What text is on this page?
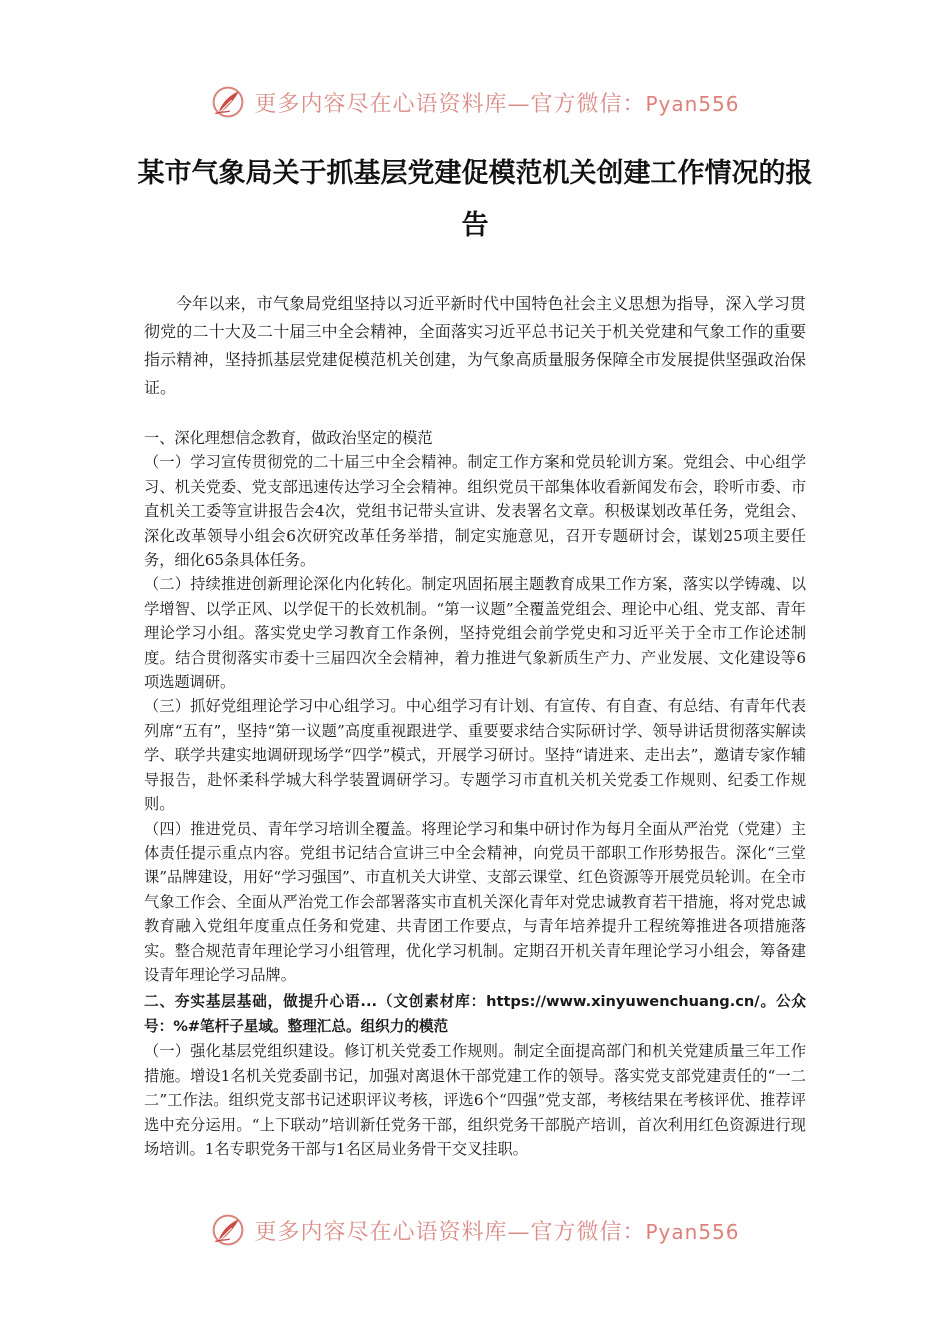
更多内容尽在心语资料库—官方微信：Pyan556
某市气象局关于抓基层党建促模范机关创建工作情况的报告

今年以来，市气象局党组坚持以习近平新时代中国特色社会主义思想为指导，深入学习贯彻党的二十大及二十届三中全会精神，全面落实习近平总书记关于机关党建和气象工作的重要指示精神，坚持抓基层党建促模范机关创建，为气象高质量服务保障全市发展提供坚强政治保证。

一、深化理想信念教育，做政治坚定的模范

（一）学习宣传贯彻党的二十届三中全会精神。制定工作方案和党员轮训方案。党组会、中心组学习、机关党委、党支部迅速传达学习全会精神。组织党员干部集体收看新闻发布会，聆听市委、市直机关工委等宣讲报告会4次，党组书记带头宣讲、发表署名文章。积极谋划改革任务，党组会、深化改革领导小组会6次研究改革任务举措，制定实施意见，召开专题研讨会，谋划25项主要任务，细化65条具体任务。

（二）持续推进创新理论深化内化转化。制定巩固拓展主题教育成果工作方案，落实以学铸魂、以学增智、以学正风、以学促干的长效机制。“第一议题”全覆盖党组会、理论中心组、党支部、青年理论学习小组。落实党史学习教育工作条例，坚持党组会前学党史和习近平关于全市工作论述制度。结合贯彻落实市委十三届四次全会精神，着力推进气象新质生产力、产业发展、文化建设等6项选题调研。

（三）抓好党组理论学习中心组学习。中心组学习有计划、有宣传、有自查、有总结、有青年代表列席“五有”，坚持“第一议题”高度重视跟进学、重要要求结合实际研讨学、领导讲话贯彻落实解读学、联学共建实地调研现场学“四学”模式，开展学习研讨。坚持“请进来、走出去”，邀请专家作辅导报告，赴怀柔科学城大科学装置调研学习。专题学习市直机关机关党委工作规则、纪委工作规则。

（四）推进党员、青年学习培训全覆盖。将理论学习和集中研讨作为每月全面从严治党（党建）主体责任提示重点内容。党组书记结合宣讲三中全会精神，向党员干部职工作形势报告。深化“三堂课”品牌建设，用好“学习强国”、市直机关大讲堂、支部云课堂、红色资源等开展党员轮训。在全市气象工作会、全面从严治党工作会部署落实市直机关深化青年对党忠诚教育若干措施，将对党忠诚教育融入党组年度重点任务和党建、共青团工作要点，与青年培养提升工程统筹推进各项措施落实。整合规范青年理论学习小组管理，优化学习机制。定期召开机关青年理论学习小组会，筹备建设青年理论学习品牌。

二、夯实基层基础，做提升心语...（文创素材库：https://www.xinyuwenchuang.cn/。公众号：%#笔杆子星域。整理汇总。组织力的模范

（一）强化基层党组织建设。修订机关党委工作规则。制定全面提高部门和机关党建质量三年工作措施。增设1名机关党委副书记，加强对离退休干部党建工作的领导。落实党支部党建责任的“一二二”工作法。组织党支部书记述职评议考核，评选6个“四强”党支部，考核结果在考核评优、推荐评选中充分运用。“上下联动”培训新任党务干部，组织党务干部脱产培训，首次利用红色资源进行现场培训。1名专职党务干部与1名区局业务骨干交叉挂职。

更多内容尽在心语资料库—官方微信：Pyan556
